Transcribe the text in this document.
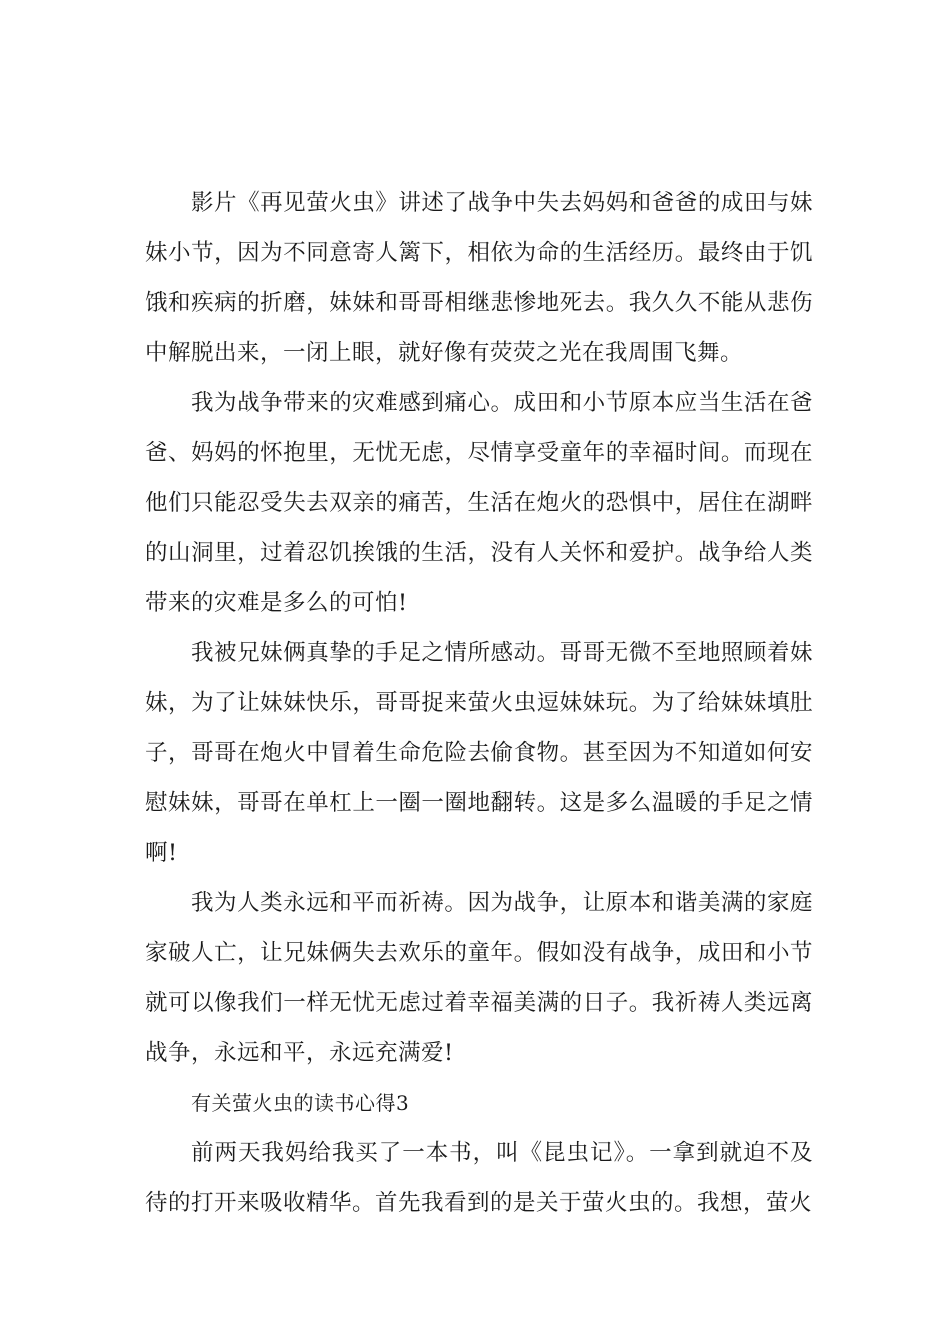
影片《再见萤火虫》讲述了战争中失去妈妈和爸爸的成田与妹妹小节，因为不同意寄人篱下，相依为命的生活经历。最终由于饥饿和疾病的折磨，妹妹和哥哥相继悲惨地死去。我久久不能从悲伤中解脱出来，一闭上眼，就好像有荧荧之光在我周围飞舞。

我为战争带来的灾难感到痛心。成田和小节原本应当生活在爸爸、妈妈的怀抱里，无忧无虑，尽情享受童年的幸福时间。而现在他们只能忍受失去双亲的痛苦，生活在炮火的恐惧中，居住在湖畔的山洞里，过着忍饥挨饿的生活，没有人关怀和爱护。战争给人类带来的灾难是多么的可怕!

我被兄妹俩真挚的手足之情所感动。哥哥无微不至地照顾着妹妹，为了让妹妹快乐，哥哥捉来萤火虫逗妹妹玩。为了给妹妹填肚子，哥哥在炮火中冒着生命危险去偷食物。甚至因为不知道如何安慰妹妹，哥哥在单杠上一圈一圈地翻转。这是多么温暖的手足之情啊!

我为人类永远和平而祈祷。因为战争，让原本和谐美满的家庭家破人亡，让兄妹俩失去欢乐的童年。假如没有战争，成田和小节就可以像我们一样无忧无虑过着幸福美满的日子。我祈祷人类远离战争，永远和平，永远充满爱!

有关萤火虫的读书心得3

前两天我妈给我买了一本书，叫《昆虫记》。一拿到就迫不及待的打开来吸收精华。首先我看到的是关于萤火虫的。我想，萤火
